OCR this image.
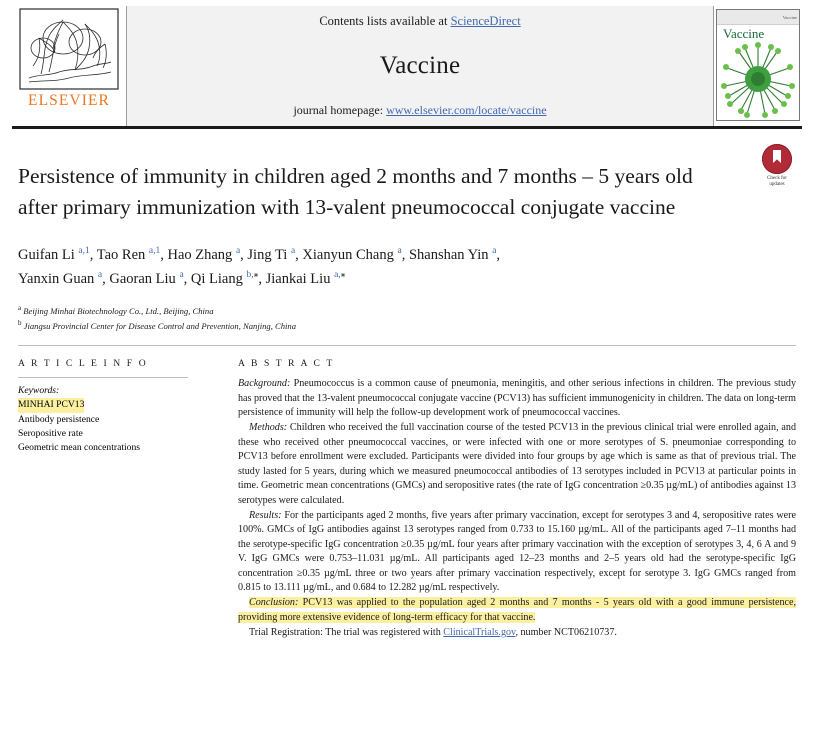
ELSEVIER
Contents lists available at ScienceDirect
Vaccine
journal homepage: www.elsevier.com/locate/vaccine
Vaccine
Vaccine
Check for
updates
Persistence of immunity in children aged 2 months and 7 months – 5 years old after primary immunization with 13-valent pneumococcal conjugate vaccine
Guifan Li $^{a,1}$, Tao Ren $^{a,1}$, Hao Zhang $^a$, Jing Ti $^a$, Xianyun Chang $^a$, Shanshan Yin $^a$,
Yanxin Guan $^a$, Gaoran Liu $^a$, Qi Liang $^{b,⁎}$, Jiankai Liu $^{a,⁎}$
$^a$ Beijing Minhai Biotechnology Co., Ltd., Beijing, China
$^b$ Jiangsu Provincial Center for Disease Control and Prevention, Nanjing, China
A R T I C L E I N F O
Keywords:
MINHAI PCV13
Antibody persistence
Seropositive rate
Geometric mean concentrations
A B S T R A C T

Background: Pneumococcus is a common cause of pneumonia, meningitis, and other serious infections in children. The previous study has proved that the 13-valent pneumococcal conjugate vaccine (PCV13) has sufficient immunogenicity in children. The data on long-term persistence of immunity will help the follow-up development work of pneumococcal vaccines.

Methods: Children who received the full vaccination course of the tested PCV13 in the previous clinical trial were enrolled again, and these who received other pneumococcal vaccines, or were infected with one or more serotypes of S. pneumoniae corresponding to PCV13 before enrollment were excluded. Participants were divided into four groups by age which is same as that of previous trial. The study lasted for 5 years, during which we measured pneumococcal antibodies of 13 serotypes included in PCV13 at particular points in time. Geometric mean concentrations (GMCs) and seropositive rates (the rate of IgG concentration ≥0.35 µg/mL) of antibodies against 13 serotypes were calculated.

Results: For the participants aged 2 months, five years after primary vaccination, except for serotypes 3 and 4, seropositive rates were 100%. GMCs of IgG antibodies against 13 serotypes ranged from 0.733 to 15.160 µg/mL. All of the participants aged 7–11 months had the serotype-specific IgG concentration ≥0.35 µg/mL four years after primary vaccination with the exception of serotypes 3, 4, 6 A and 9 V. IgG GMCs were 0.753–11.031 µg/mL. All participants aged 12–23 months and 2–5 years old had the serotype-specific IgG concentration ≥0.35 µg/mL three or two years after primary vaccination respectively, except for serotype 3. IgG GMCs ranged from 0.815 to 13.111 µg/mL, and 0.684 to 12.282 µg/mL respectively.

Conclusion: PCV13 was applied to the population aged 2 months and 7 months - 5 years old with a good immune persistence, providing more extensive evidence of long-term efficacy for that vaccine.

Trial Registration: The trial was registered with ClinicalTrials.gov, number NCT06210737.
